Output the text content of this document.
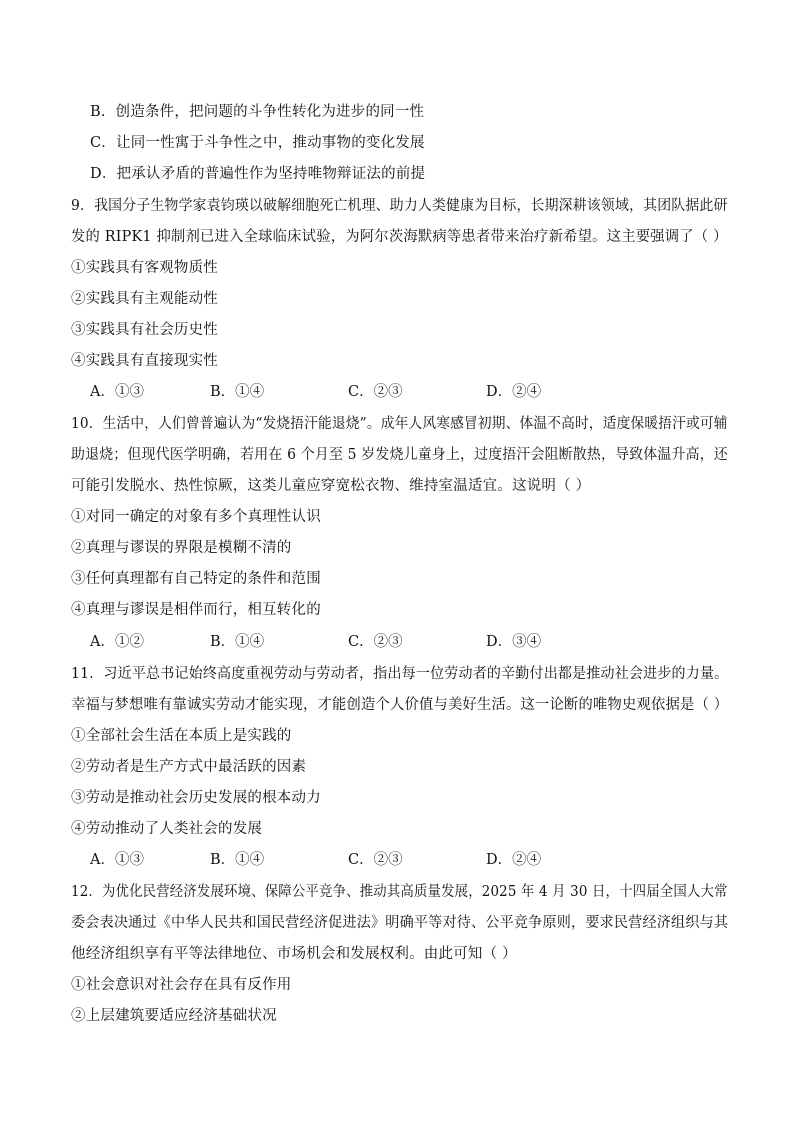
B．创造条件，把问题的斗争性转化为进步的同一性
C．让同一性寓于斗争性之中，推动事物的变化发展
D．把承认矛盾的普遍性作为坚持唯物辩证法的前提
9．我国分子生物学家袁钧瑛以破解细胞死亡机理、助力人类健康为目标，长期深耕该领域，其团队据此研
发的 RIPK1 抑制剂已进入全球临床试验，为阿尔茨海默病等患者带来治疗新希望。这主要强调了（ ）
①实践具有客观物质性
②实践具有主观能动性
③实践具有社会历史性
④实践具有直接现实性
A．①③	B．①④	C．②③	D．②④
10．生活中，人们曾普遍认为“发烧捂汗能退烧”。成年人风寒感冒初期、体温不高时，适度保暖捂汗或可辅
助退烧；但现代医学明确，若用在 6 个月至 5 岁发烧儿童身上，过度捂汗会阻断散热，导致体温升高，还
可能引发脱水、热性惊厥，这类儿童应穿宽松衣物、维持室温适宜。这说明（ ）
①对同一确定的对象有多个真理性认识
②真理与谬误的界限是模糊不清的
③任何真理都有自己特定的条件和范围
④真理与谬误是相伴而行，相互转化的
A．①②	B．①④	C．②③	D．③④
11．习近平总书记始终高度重视劳动与劳动者，指出每一位劳动者的辛勤付出都是推动社会进步的力量。
幸福与梦想唯有靠诚实劳动才能实现，才能创造个人价值与美好生活。这一论断的唯物史观依据是（ ）
①全部社会生活在本质上是实践的
②劳动者是生产方式中最活跃的因素
③劳动是推动社会历史发展的根本动力
④劳动推动了人类社会的发展
A．①③	B．①④	C．②③	D．②④
12．为优化民营经济发展环境、保障公平竞争、推动其高质量发展，2025 年 4 月 30 日，十四届全国人大常
委会表决通过《中华人民共和国民营经济促进法》明确平等对待、公平竞争原则，要求民营经济组织与其
他经济组织享有平等法律地位、市场机会和发展权利。由此可知（ ）
①社会意识对社会存在具有反作用
②上层建筑要适应经济基础状况
